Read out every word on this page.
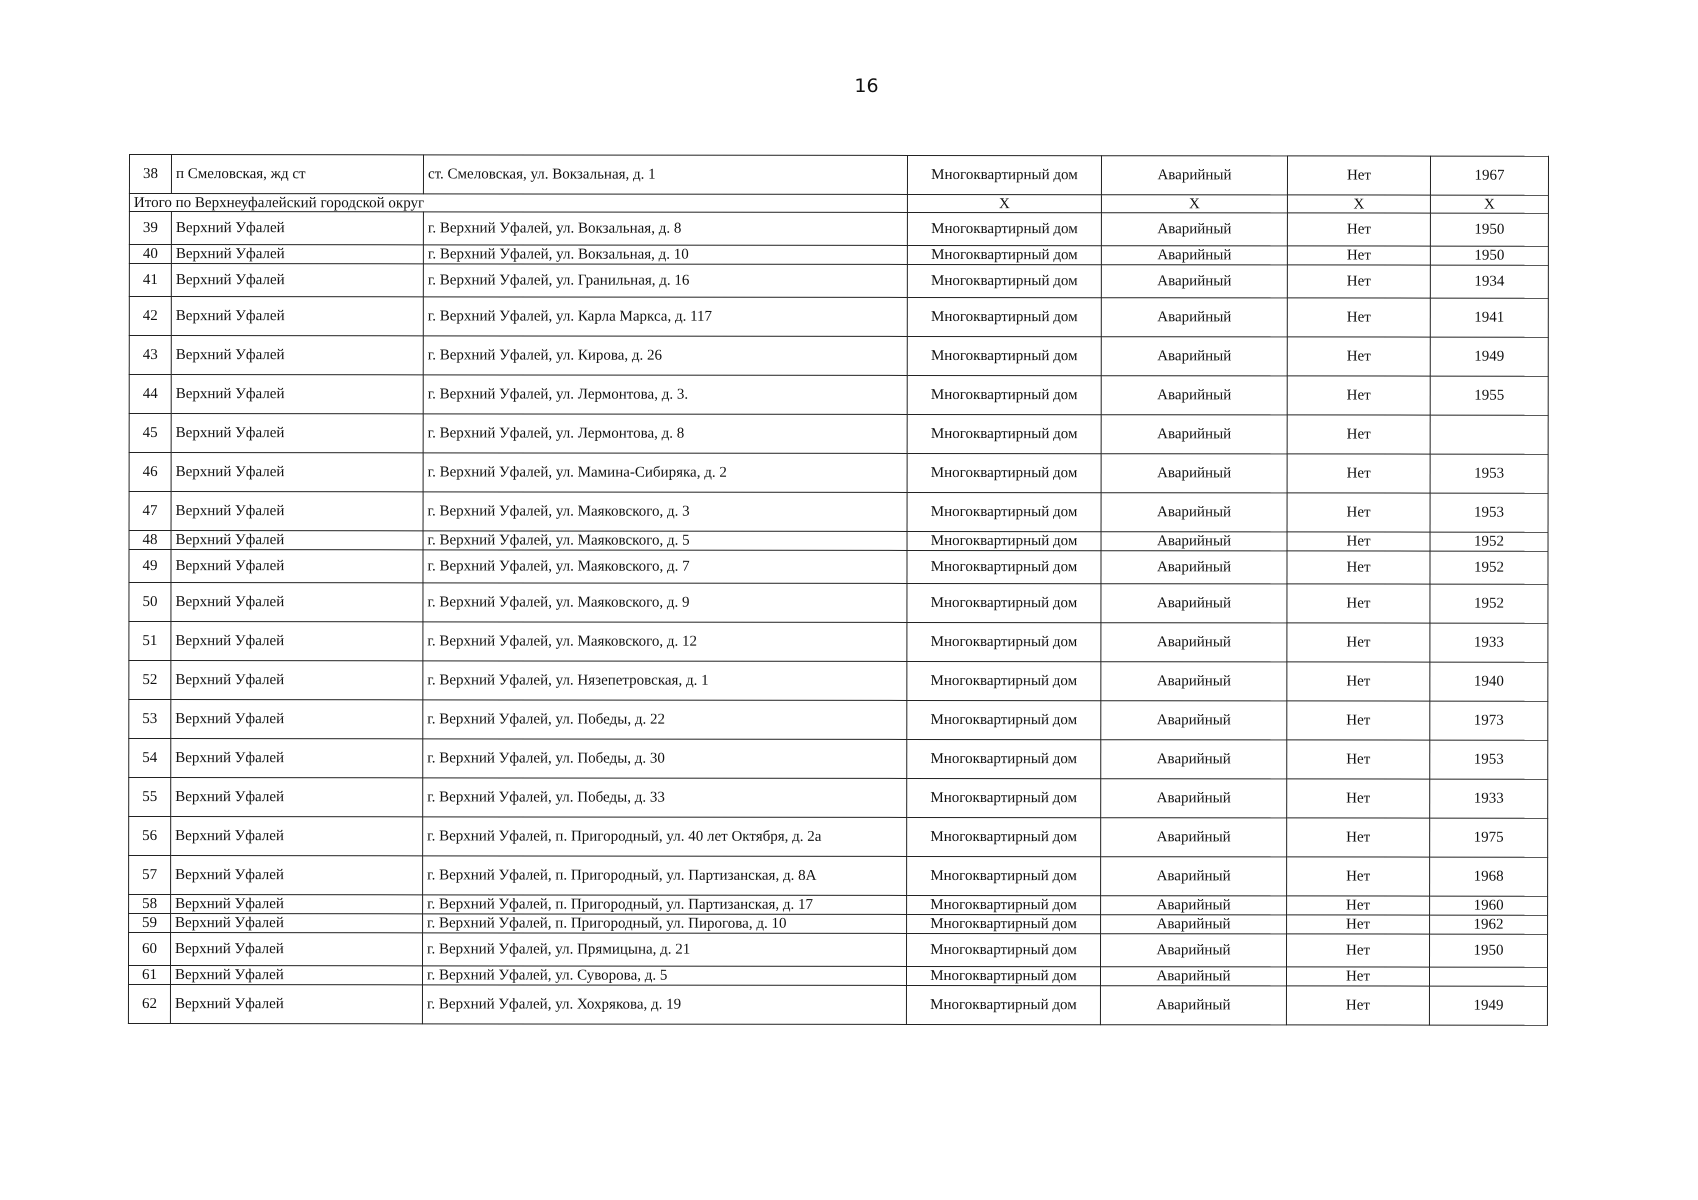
16
38	п Смеловская, жд ст	ст. Смеловская, ул. Вокзальная, д. 1	Многоквартирный дом	Аварийный	Нет	1967
Итого по Верхнеуфалейский городской округ			X	X	X	X
39	Верхний Уфалей	г. Верхний Уфалей, ул. Вокзальная, д. 8	Многоквартирный дом	Аварийный	Нет	1950
40	Верхний Уфалей	г. Верхний Уфалей, ул. Вокзальная, д. 10	Многоквартирный дом	Аварийный	Нет	1950
41	Верхний Уфалей	г. Верхний Уфалей, ул. Гранильная, д. 16	Многоквартирный дом	Аварийный	Нет	1934
42	Верхний Уфалей	г. Верхний Уфалей, ул. Карла Маркса, д. 117	Многоквартирный дом	Аварийный	Нет	1941
43	Верхний Уфалей	г. Верхний Уфалей, ул. Кирова, д. 26	Многоквартирный дом	Аварийный	Нет	1949
44	Верхний Уфалей	г. Верхний Уфалей, ул. Лермонтова, д. 3.	Многоквартирный дом	Аварийный	Нет	1955
45	Верхний Уфалей	г. Верхний Уфалей, ул. Лермонтова, д. 8	Многоквартирный дом	Аварийный	Нет	
46	Верхний Уфалей	г. Верхний Уфалей, ул. Мамина-Сибиряка, д. 2	Многоквартирный дом	Аварийный	Нет	1953
47	Верхний Уфалей	г. Верхний Уфалей, ул. Маяковского, д. 3	Многоквартирный дом	Аварийный	Нет	1953
48	Верхний Уфалей	г. Верхний Уфалей, ул. Маяковского, д. 5	Многоквартирный дом	Аварийный	Нет	1952
49	Верхний Уфалей	г. Верхний Уфалей, ул. Маяковского, д. 7	Многоквартирный дом	Аварийный	Нет	1952
50	Верхний Уфалей	г. Верхний Уфалей, ул. Маяковского, д. 9	Многоквартирный дом	Аварийный	Нет	1952
51	Верхний Уфалей	г. Верхний Уфалей, ул. Маяковского, д. 12	Многоквартирный дом	Аварийный	Нет	1933
52	Верхний Уфалей	г. Верхний Уфалей, ул. Нязепетровская, д. 1	Многоквартирный дом	Аварийный	Нет	1940
53	Верхний Уфалей	г. Верхний Уфалей, ул. Победы, д. 22	Многоквартирный дом	Аварийный	Нет	1973
54	Верхний Уфалей	г. Верхний Уфалей, ул. Победы, д. 30	Многоквартирный дом	Аварийный	Нет	1953
55	Верхний Уфалей	г. Верхний Уфалей, ул. Победы, д. 33	Многоквартирный дом	Аварийный	Нет	1933
56	Верхний Уфалей	г. Верхний Уфалей, п. Пригородный, ул. 40 лет Октября, д. 2а	Многоквартирный дом	Аварийный	Нет	1975
57	Верхний Уфалей	г. Верхний Уфалей, п. Пригородный, ул. Партизанская, д. 8А	Многоквартирный дом	Аварийный	Нет	1968
58	Верхний Уфалей	г. Верхний Уфалей, п. Пригородный, ул. Партизанская, д. 17	Многоквартирный дом	Аварийный	Нет	1960
59	Верхний Уфалей	г. Верхний Уфалей, п. Пригородный, ул. Пирогова, д. 10	Многоквартирный дом	Аварийный	Нет	1962
60	Верхний Уфалей	г. Верхний Уфалей, ул. Прямицына, д. 21	Многоквартирный дом	Аварийный	Нет	1950
61	Верхний Уфалей	г. Верхний Уфалей, ул. Суворова, д. 5	Многоквартирный дом	Аварийный	Нет	
62	Верхний Уфалей	г. Верхний Уфалей, ул. Хохрякова, д. 19	Многоквартирный дом	Аварийный	Нет	1949
